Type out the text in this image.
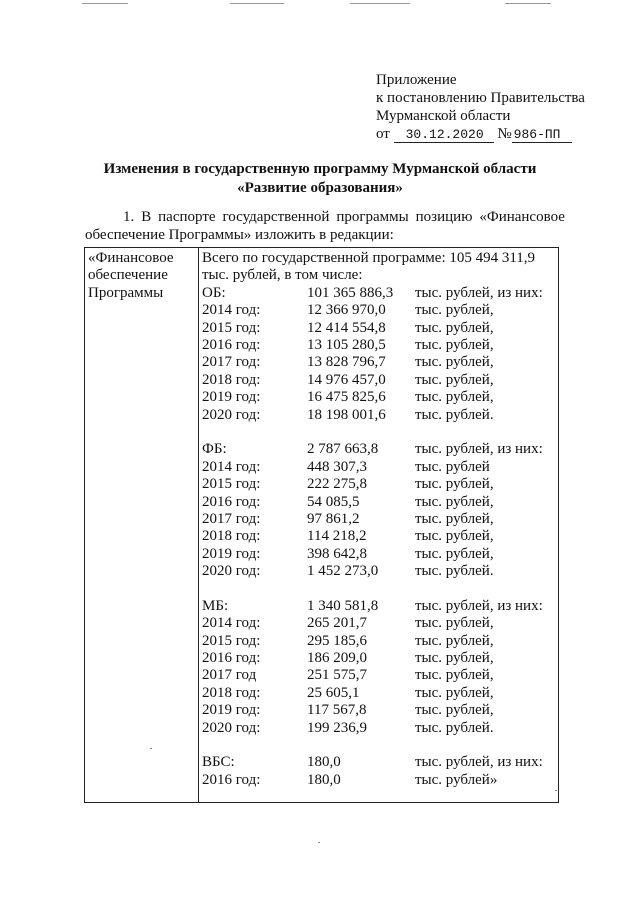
Приложение
к постановлению Правительства
Мурманской области
от 30.12.2020 № 986-ПП
Изменения в государственную программу Мурманской области
«Развитие образования»
1. В паспорте государственной программы позицию «Финансовое
обеспечение Программы» изложить в редакции:
«Финансовое обеспечение Программы	
Всего по государственной программе: 105 494 311,9 тыс. рублей, в том числе:
ОБ:	101 365 886,3	тыс. рублей, из них:
2014 год:	12 366 970,0	тыс. рублей,
2015 год:	12 414 554,8	тыс. рублей,
2016 год:	13 105 280,5	тыс. рублей,
2017 год:	13 828 796,7	тыс. рублей,
2018 год:	14 976 457,0	тыс. рублей,
2019 год:	16 475 825,6	тыс. рублей,
2020 год:	18 198 001,6	тыс. рублей.
ФБ:	2 787 663,8	тыс. рублей, из них:
2014 год:	448 307,3	тыс. рублей
2015 год:	222 275,8	тыс. рублей,
2016 год:	54 085,5	тыс. рублей,
2017 год:	97 861,2	тыс. рублей,
2018 год:	114 218,2	тыс. рублей,
2019 год:	398 642,8	тыс. рублей,
2020 год:	1 452 273,0	тыс. рублей.
МБ:	1 340 581,8	тыс. рублей, из них:
2014 год:	265 201,7	тыс. рублей,
2015 год:	295 185,6	тыс. рублей,
2016 год:	186 209,0	тыс. рублей,
2017 год	251 575,7	тыс. рублей,
2018 год:	25 605,1	тыс. рублей,
2019 год:	117 567,8	тыс. рублей,
2020 год:	199 236,9	тыс. рублей.
ВБС:	180,0	тыс. рублей, из них:
2016 год:	180,0	тыс. рублей»
